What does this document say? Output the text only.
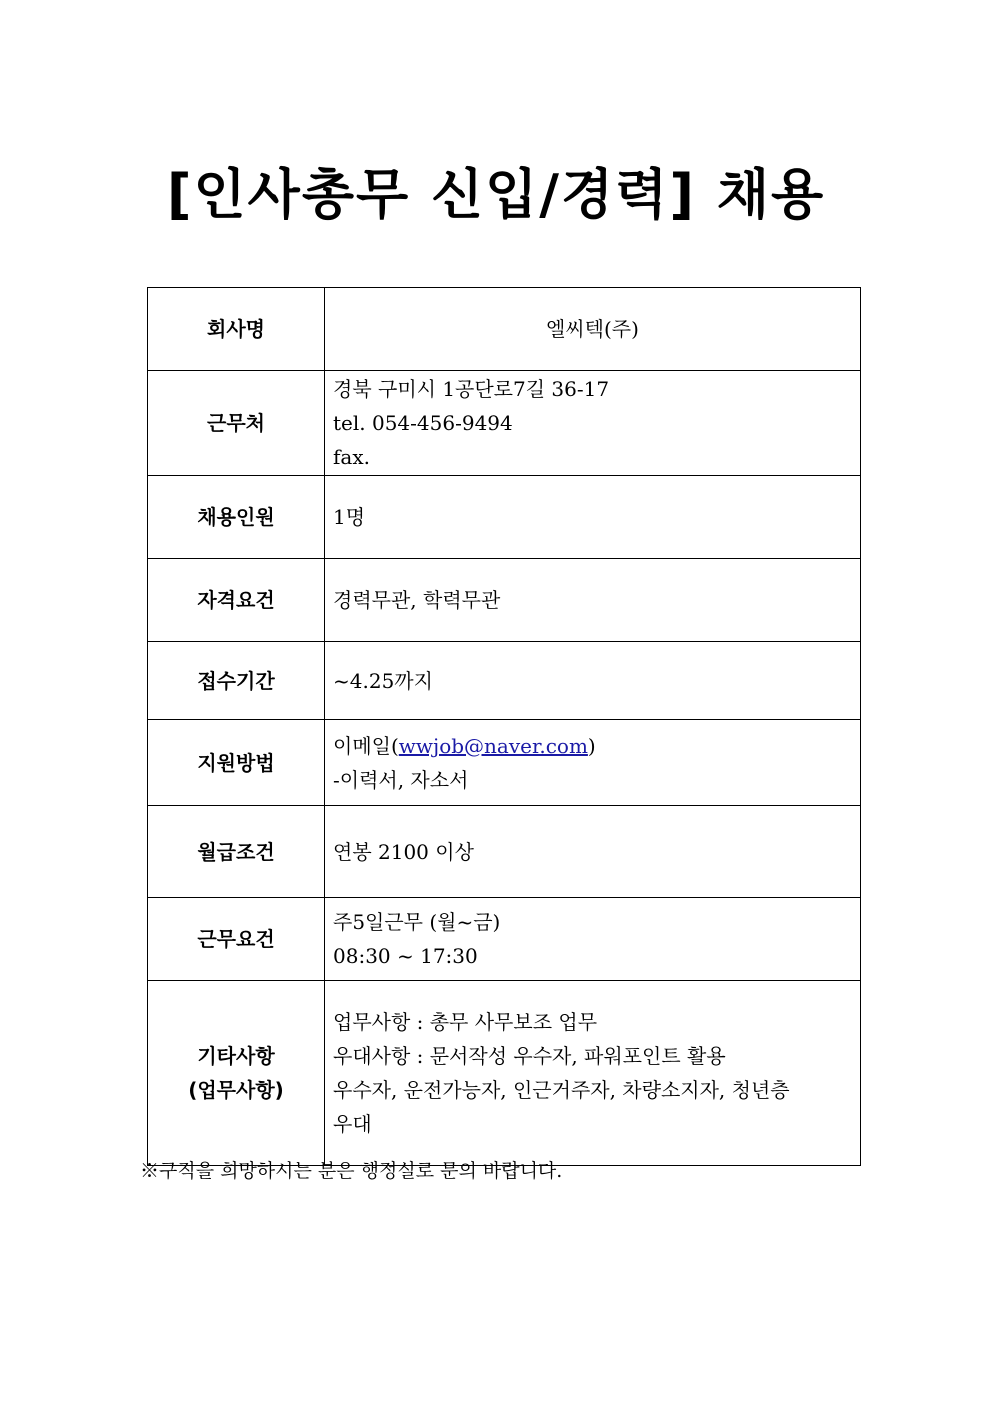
[인사총무 신입/경력] 채용
회사명	엘씨텍(주)
근무처	경북 구미시 1공단로7길 36-17
tel. 054-456-9494
fax.

채용인원	1명
자격요건	경력무관, 학력무관
접수기간	~4.25까지
지원방법	이메일(wwjob@naver.com)
-이력서, 자소서

월급조건	연봉 2100 이상
근무요건	주5일근무 (월~금)
08:30 ~ 17:30

기타사항
(업무사항)	업무사항 : 총무 사무보조 업무
우대사항 : 문서작성 우수자, 파워포인트 활용
우수자, 운전가능자, 인근거주자, 차량소지자, 청년층
우대
※구직을 희망하시는 분은 행정실로 문의 바랍니다.
